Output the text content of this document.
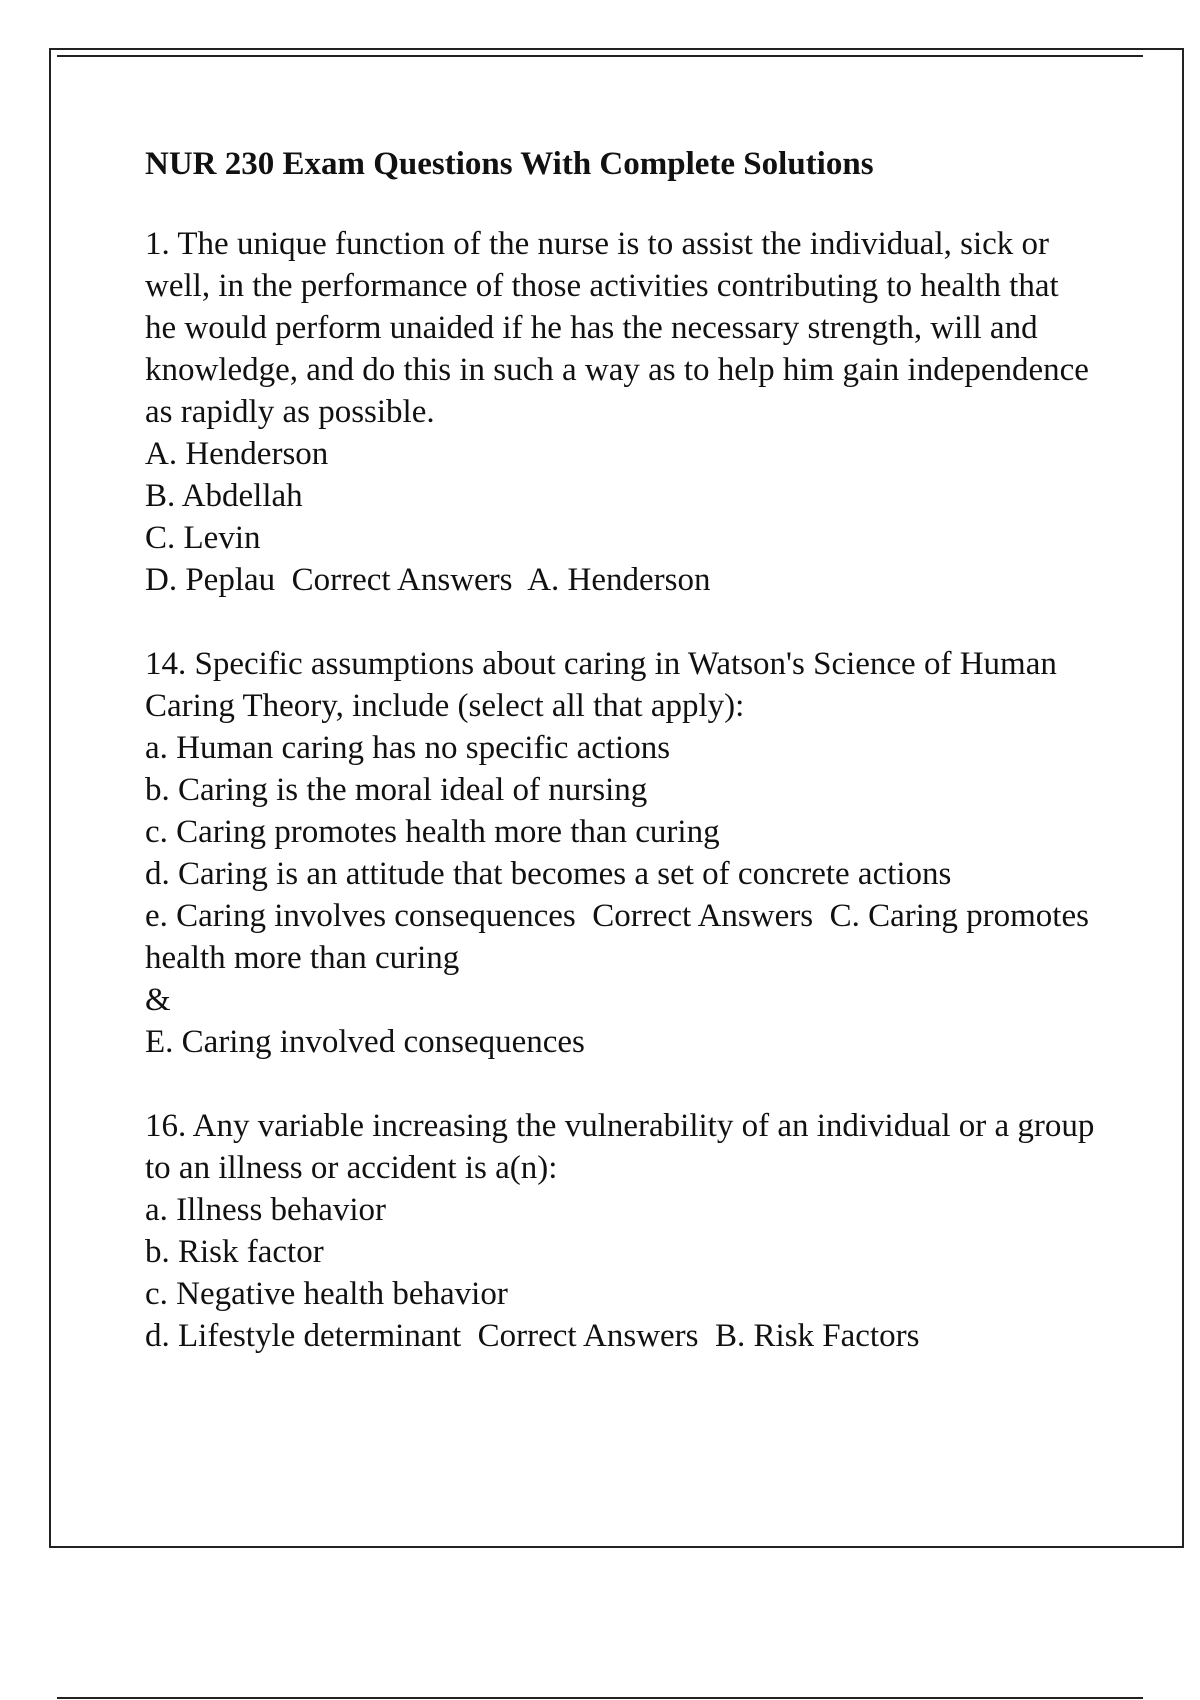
NUR 230 Exam Questions With Complete Solutions

1. The unique function of the nurse is to assist the individual, sick or well, in the performance of those activities contributing to health that he would perform unaided if he has the necessary strength, will and knowledge, and do this in such a way as to help him gain independence as rapidly as possible.

A. Henderson

B. Abdellah

C. Levin

D. Peplau  Correct Answers  A. Henderson

14. Specific assumptions about caring in Watson's Science of Human Caring Theory, include (select all that apply):

a. Human caring has no specific actions

b. Caring is the moral ideal of nursing

c. Caring promotes health more than curing

d. Caring is an attitude that becomes a set of concrete actions

e. Caring involves consequences  Correct Answers  C. Caring promotes health more than curing

&

E. Caring involved consequences

16. Any variable increasing the vulnerability of an individual or a group to an illness or accident is a(n):

a. Illness behavior

b. Risk factor

c. Negative health behavior

d. Lifestyle determinant  Correct Answers  B. Risk Factors
